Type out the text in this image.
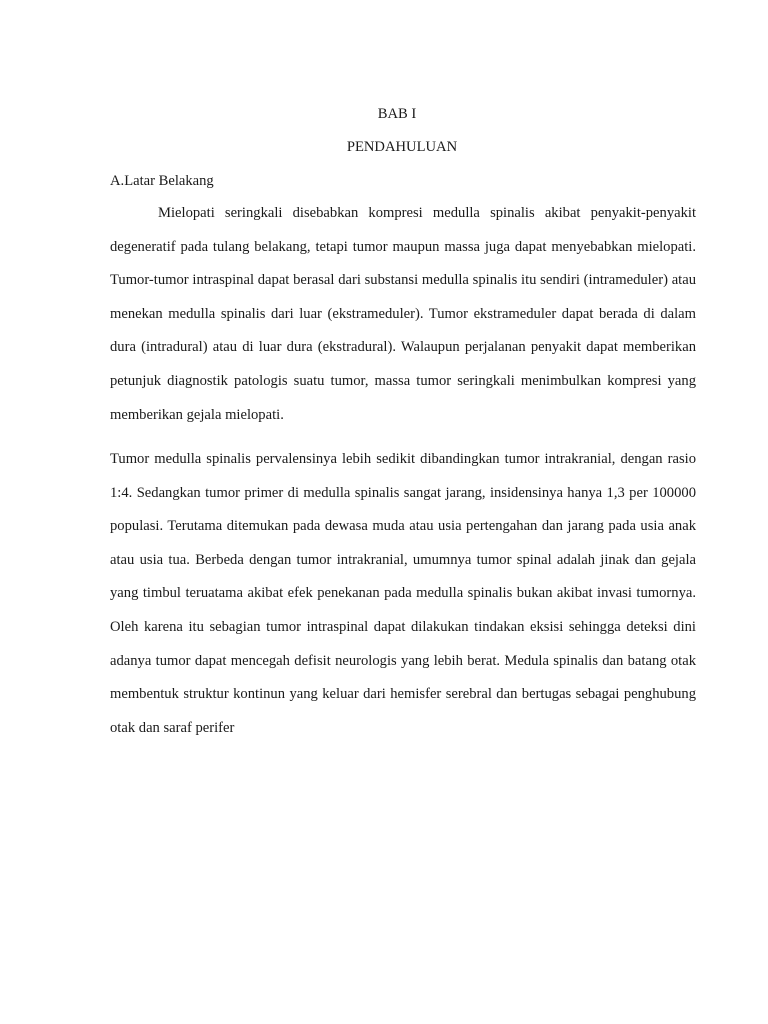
BAB I
PENDAHULUAN
A.Latar Belakang

Mielopati seringkali disebabkan kompresi medulla spinalis akibat penyakit-penyakit degeneratif pada tulang belakang, tetapi tumor maupun massa juga dapat menyebabkan mielopati. Tumor-tumor intraspinal dapat berasal dari substansi medulla spinalis itu sendiri (intrameduler) atau menekan medulla spinalis dari luar (ekstrameduler). Tumor ekstrameduler dapat berada di dalam dura (intradural) atau di luar dura (ekstradural). Walaupun perjalanan penyakit dapat memberikan petunjuk diagnostik patologis suatu tumor, massa tumor seringkali menimbulkan kompresi yang memberikan gejala mielopati.

Tumor medulla spinalis pervalensinya lebih sedikit dibandingkan tumor intrakranial, dengan rasio 1:4. Sedangkan tumor primer di medulla spinalis sangat jarang, insidensinya hanya 1,3 per 100000 populasi. Terutama ditemukan pada dewasa muda atau usia pertengahan dan jarang pada usia anak atau usia tua. Berbeda dengan tumor intrakranial, umumnya tumor spinal adalah jinak dan gejala yang timbul teruatama akibat efek penekanan pada medulla spinalis bukan akibat invasi tumornya. Oleh karena itu sebagian tumor intraspinal dapat dilakukan tindakan eksisi sehingga deteksi dini adanya tumor dapat mencegah defisit neurologis yang lebih berat. Medula spinalis dan batang otak membentuk struktur kontinun yang keluar dari hemisfer serebral dan bertugas sebagai penghubung otak dan saraf perifer
